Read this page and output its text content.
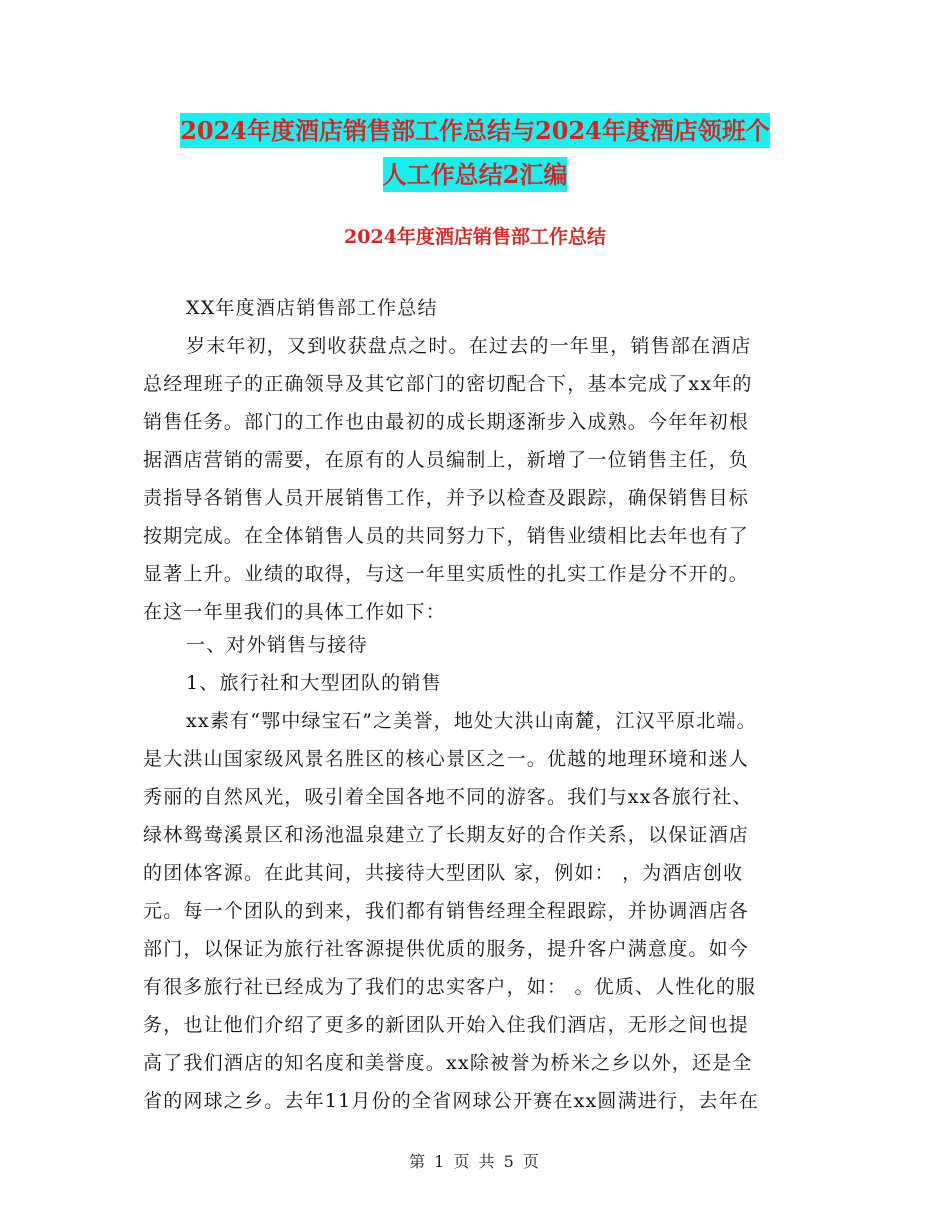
2024年度酒店销售部工作总结与2024年度酒店领班个
人工作总结2汇编
2024年度酒店销售部工作总结
XX年度酒店销售部工作总结
岁末年初，又到收获盘点之时。在过去的一年里，销售部在酒店
总经理班子的正确领导及其它部门的密切配合下，基本完成了xx年的
销售任务。部门的工作也由最初的成长期逐渐步入成熟。今年年初根
据酒店营销的需要，在原有的人员编制上，新增了一位销售主任，负
责指导各销售人员开展销售工作，并予以检查及跟踪，确保销售目标
按期完成。在全体销售人员的共同努力下，销售业绩相比去年也有了
显著上升。业绩的取得，与这一年里实质性的扎实工作是分不开的。
在这一年里我们的具体工作如下：
一、对外销售与接待
1、旅行社和大型团队的销售
xx素有“鄂中绿宝石”之美誉，地处大洪山南麓，江汉平原北端。
是大洪山国家级风景名胜区的核心景区之一。优越的地理环境和迷人
秀丽的自然风光，吸引着全国各地不同的游客。我们与xx各旅行社、
绿林鸳鸯溪景区和汤池温泉建立了长期友好的合作关系，以保证酒店
的团体客源。在此其间，共接待大型团队 家，例如： ，为酒店创收
元。每一个团队的到来，我们都有销售经理全程跟踪，并协调酒店各
部门，以保证为旅行社客源提供优质的服务，提升客户满意度。如今
有很多旅行社已经成为了我们的忠实客户，如： 。优质、人性化的服
务，也让他们介绍了更多的新团队开始入住我们酒店，无形之间也提
高了我们酒店的知名度和美誉度。xx除被誉为桥米之乡以外，还是全
省的网球之乡。去年11月份的全省网球公开赛在xx圆满进行，去年在
第 1 页 共 5 页
